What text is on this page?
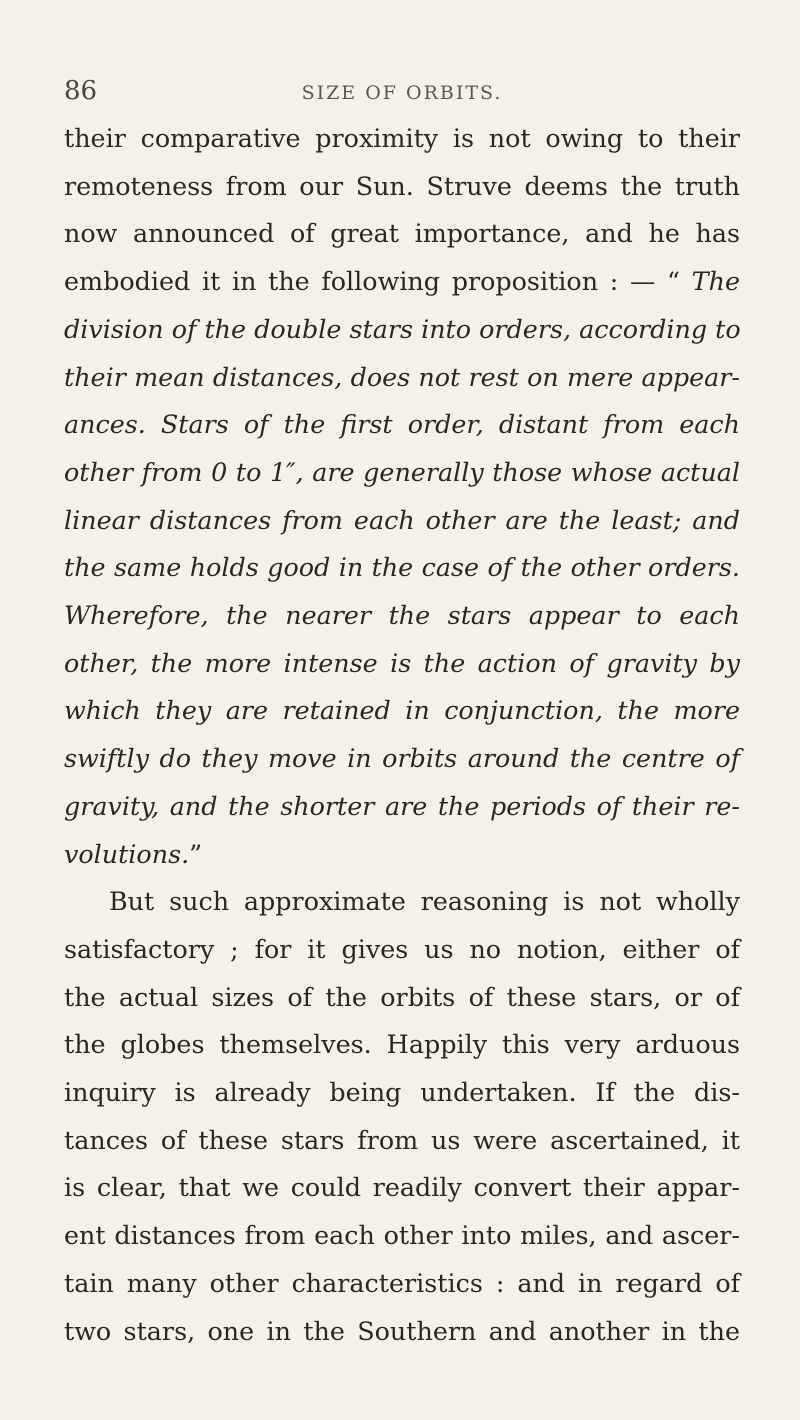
86	SIZE OF ORBITS.
their comparative proximity is not owing to their
remoteness from our Sun. Struve deems the truth
now announced of great importance, and he has
embodied it in the following proposition : — “ The
division of the double stars into orders, according to
their mean distances, does not rest on mere appear-
ances. Stars of the first order, distant from each
other from 0 to 1″, are generally those whose actual
linear distances from each other are the least; and
the same holds good in the case of the other orders.
Wherefore, the nearer the stars appear to each
other, the more intense is the action of gravity by
which they are retained in conjunction, the more
swiftly do they move in orbits around the centre of
gravity, and the shorter are the periods of their re-
volutions.”
But such approximate reasoning is not wholly
satisfactory ; for it gives us no notion, either of
the actual sizes of the orbits of these stars, or of
the globes themselves. Happily this very arduous
inquiry is already being undertaken. If the dis-
tances of these stars from us were ascertained, it
is clear, that we could readily convert their appar-
ent distances from each other into miles, and ascer-
tain many other characteristics : and in regard of
two stars, one in the Southern and another in the
